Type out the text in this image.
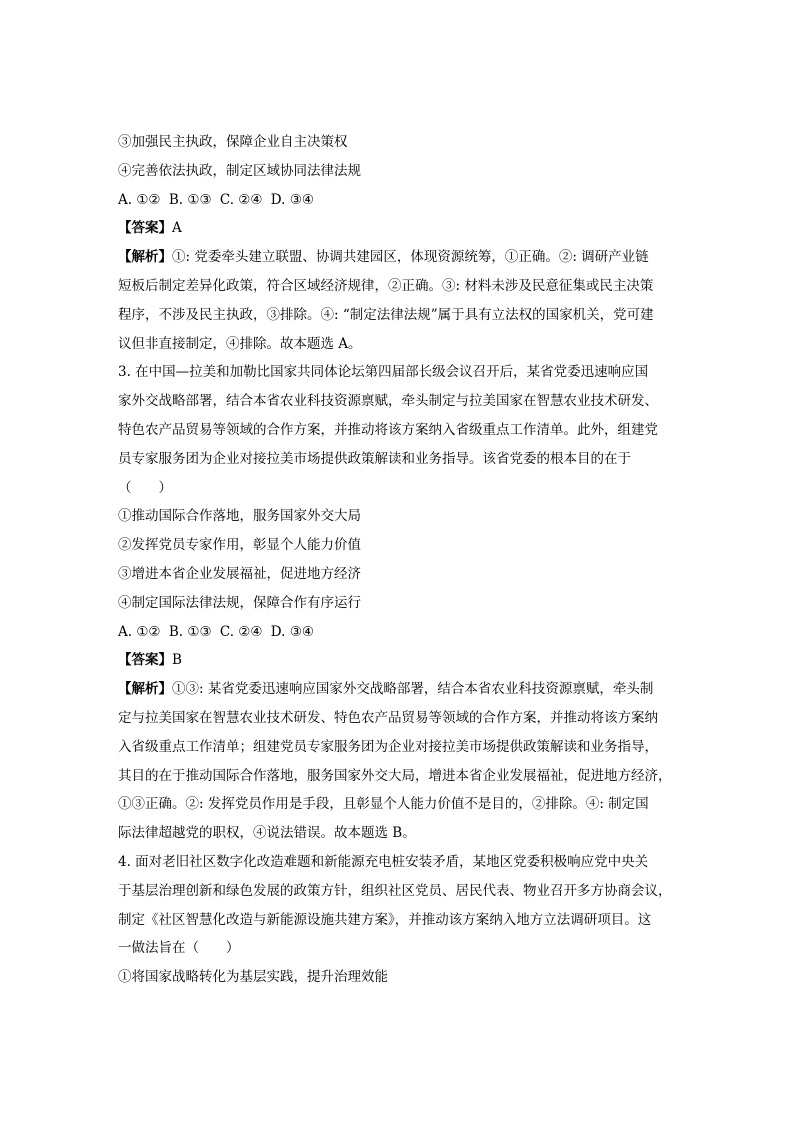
③加强民主执政，保障企业自主决策权
④完善依法执政，制定区域协同法律法规
A. ①② B. ①③ C. ②④ D. ③④
【答案】A
【解析】①: 党委牵头建立联盟、协调共建园区，体现资源统筹，①正确。②: 调研产业链
短板后制定差异化政策，符合区域经济规律，②正确。③: 材料未涉及民意征集或民主决策
程序，不涉及民主执政，③排除。④: “制定法律法规”属于具有立法权的国家机关，党可建
议但非直接制定，④排除。故本题选 A。
3. 在中国—拉美和加勒比国家共同体论坛第四届部长级会议召开后，某省党委迅速响应国
家外交战略部署，结合本省农业科技资源禀赋，牵头制定与拉美国家在智慧农业技术研发、
特色农产品贸易等领域的合作方案，并推动将该方案纳入省级重点工作清单。此外，组建党
员专家服务团为企业对接拉美市场提供政策解读和业务指导。该省党委的根本目的在于
（　　）
①推动国际合作落地，服务国家外交大局
②发挥党员专家作用，彰显个人能力价值
③增进本省企业发展福祉，促进地方经济
④制定国际法律法规，保障合作有序运行
A. ①② B. ①③ C. ②④ D. ③④
【答案】B
【解析】①③: 某省党委迅速响应国家外交战略部署，结合本省农业科技资源禀赋，牵头制
定与拉美国家在智慧农业技术研发、特色农产品贸易等领域的合作方案，并推动将该方案纳
入省级重点工作清单；组建党员专家服务团为企业对接拉美市场提供政策解读和业务指导，
其目的在于推动国际合作落地，服务国家外交大局，增进本省企业发展福祉，促进地方经济，
①③正确。②: 发挥党员作用是手段，且彰显个人能力价值不是目的，②排除。④: 制定国
际法律超越党的职权，④说法错误。故本题选 B。
4. 面对老旧社区数字化改造难题和新能源充电桩安装矛盾，某地区党委积极响应党中央关
于基层治理创新和绿色发展的政策方针，组织社区党员、居民代表、物业召开多方协商会议，
制定《社区智慧化改造与新能源设施共建方案》，并推动该方案纳入地方立法调研项目。这
一做法旨在（　　）
①将国家战略转化为基层实践，提升治理效能
